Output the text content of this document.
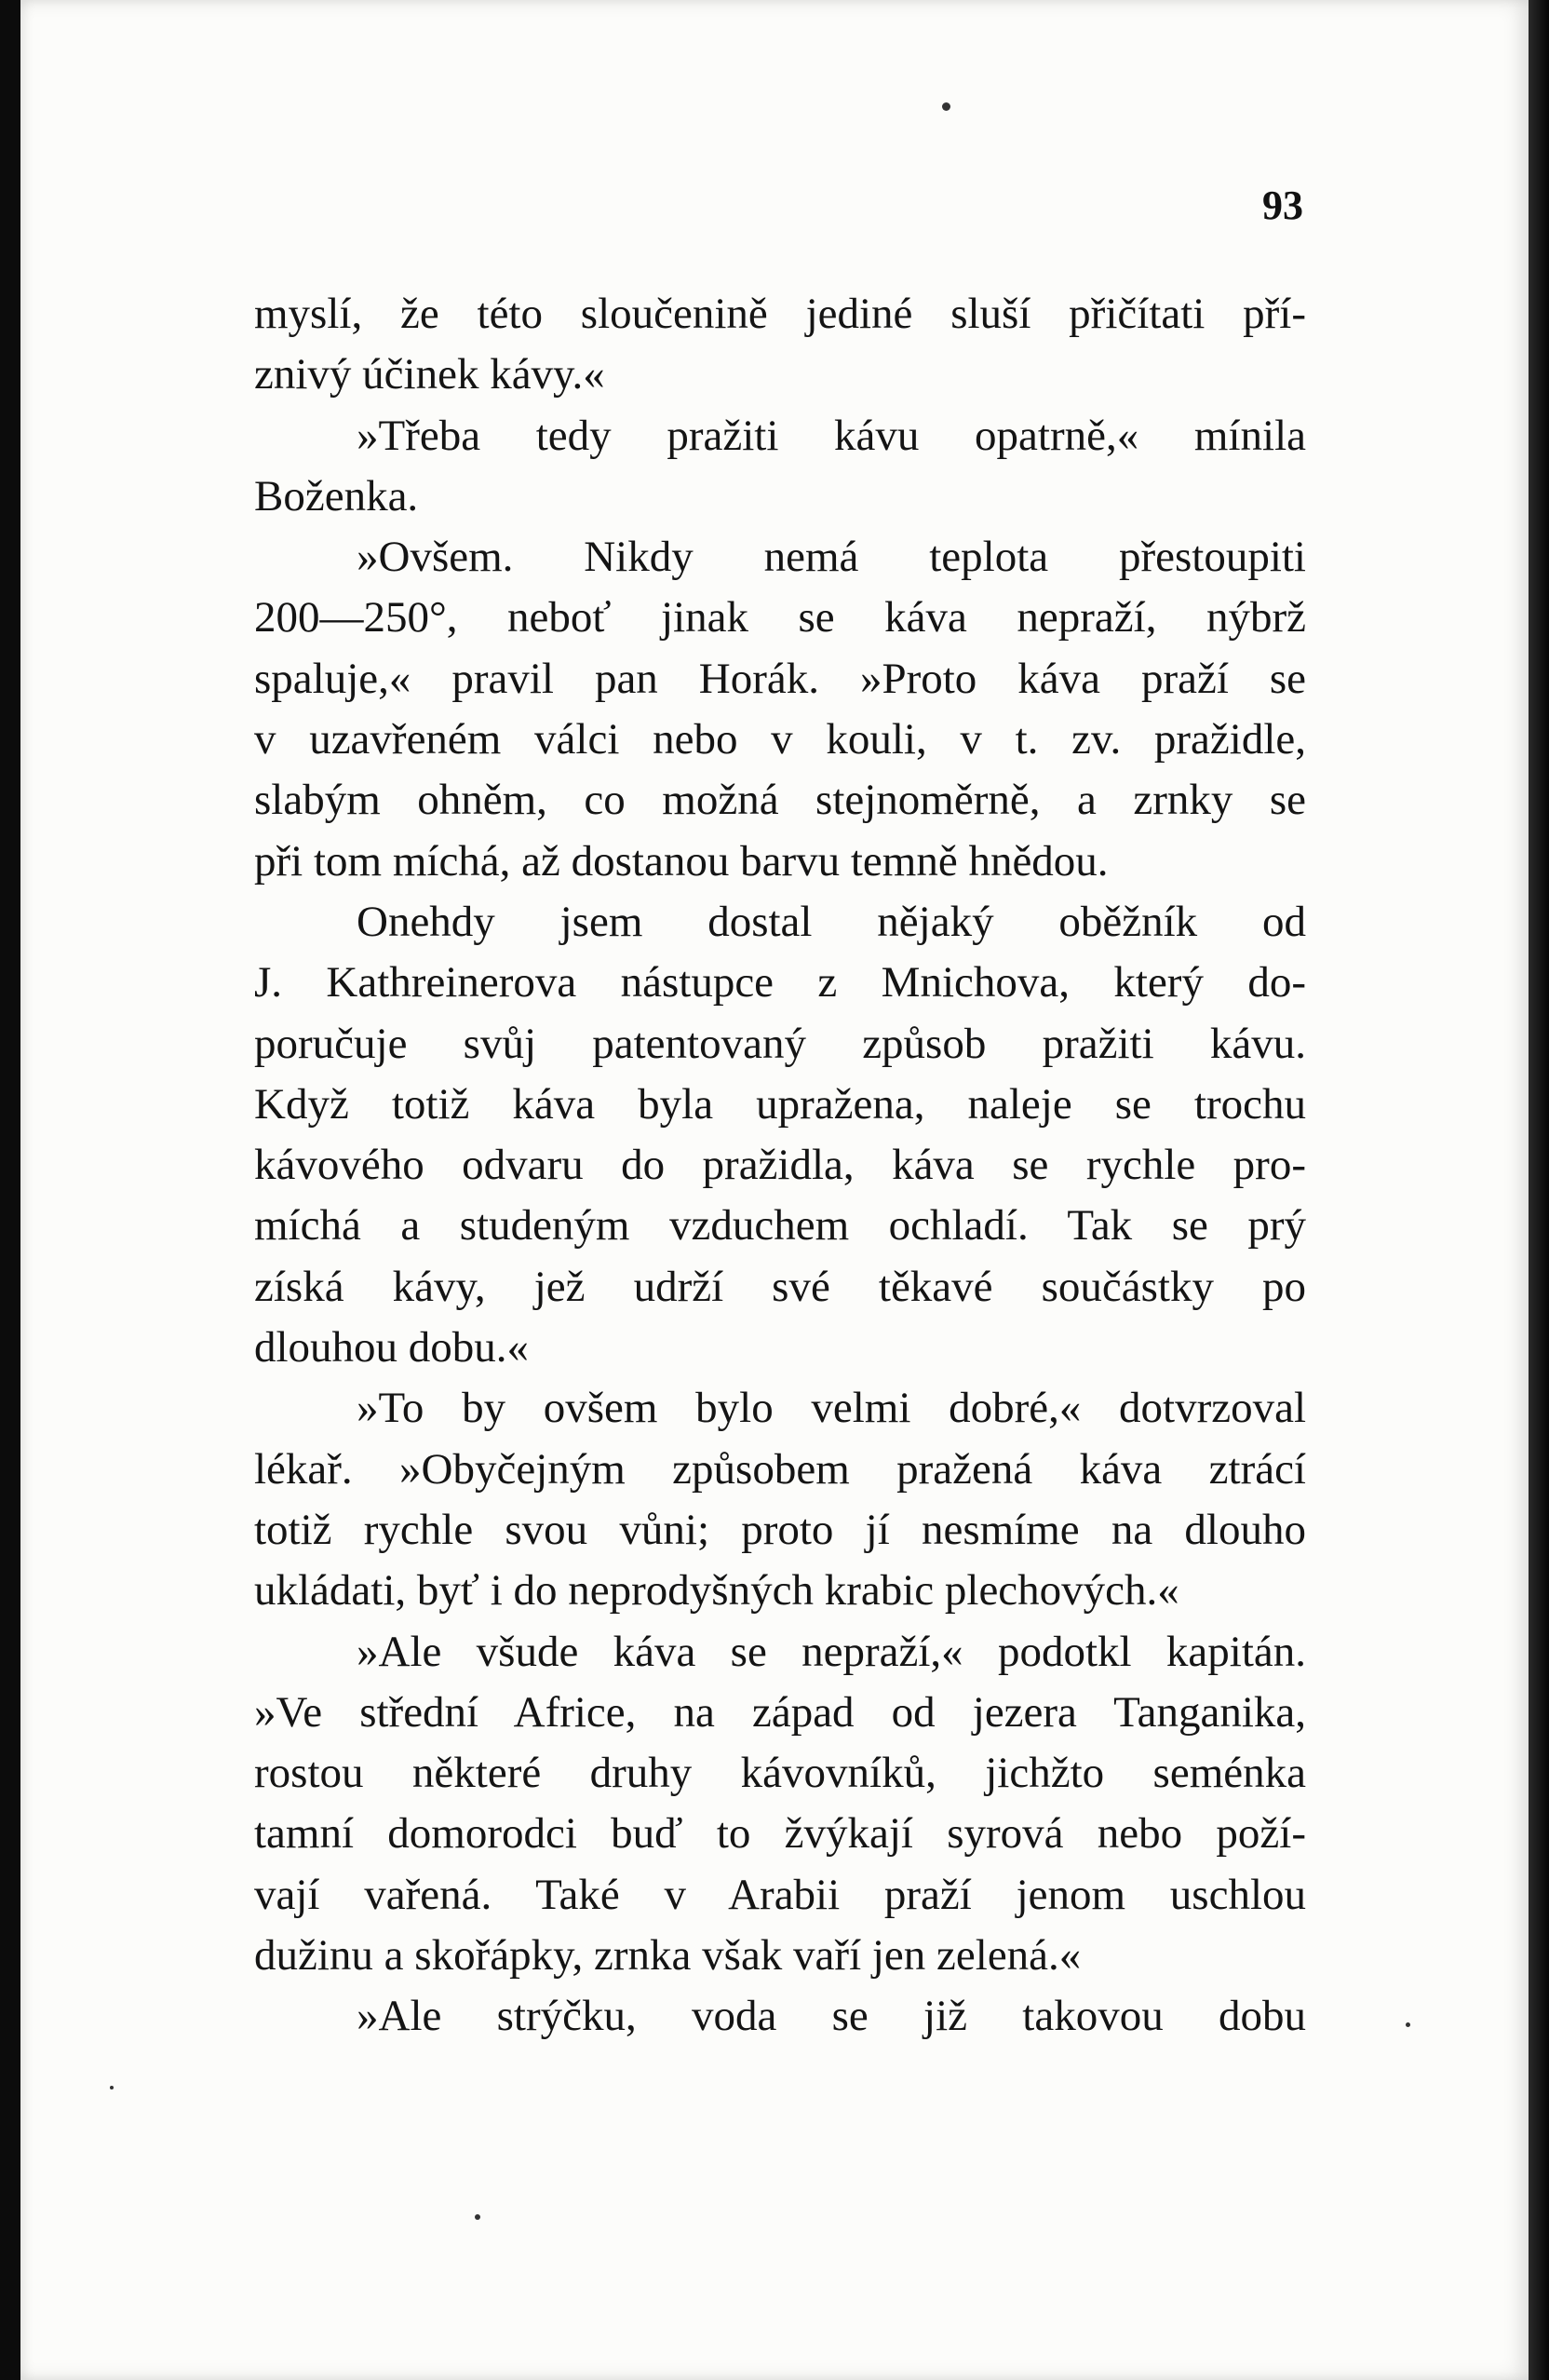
93
myslí, že této sloučenině jediné sluší přičítati pří-
znivý účinek kávy.«
»Třeba tedy pražiti kávu opatrně,« mínila
Boženka.
»Ovšem. Nikdy nemá teplota přestoupiti
200—250°, neboť jinak se káva nepraží, nýbrž
spaluje,« pravil pan Horák. »Proto káva praží se
v uzavřeném válci nebo v kouli, v t. zv. pražidle,
slabým ohněm, co možná stejnoměrně, a zrnky se
při tom míchá, až dostanou barvu temně hnědou.
Onehdy jsem dostal nějaký oběžník od
J. Kathreinerova nástupce z Mnichova, který do-
poručuje svůj patentovaný způsob pražiti kávu.
Když totiž káva byla upražena, naleje se trochu
kávového odvaru do pražidla, káva se rychle pro-
míchá a studeným vzduchem ochladí. Tak se prý
získá kávy, jež udrží své těkavé součástky po
dlouhou dobu.«
»To by ovšem bylo velmi dobré,« dotvrzoval
lékař. »Obyčejným způsobem pražená káva ztrácí
totiž rychle svou vůni; proto jí nesmíme na dlouho
ukládati, byť i do neprodyšných krabic plechových.«
»Ale všude káva se nepraží,« podotkl kapitán.
»Ve střední Africe, na západ od jezera Tanganika,
rostou některé druhy kávovníků, jichžto seménka
tamní domorodci buď to žvýkají syrová nebo poží-
vají vařená. Také v Arabii praží jenom uschlou
dužinu a skořápky, zrnka však vaří jen zelená.«
»Ale strýčku, voda se již takovou dobu
